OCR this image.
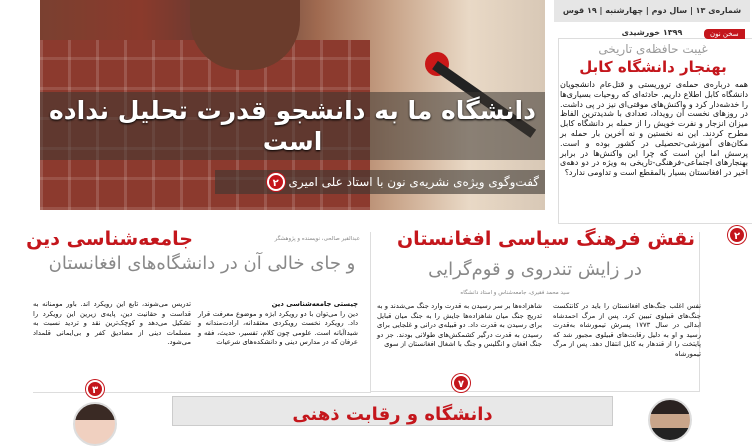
دانشگاه ما به دانشجو قدرت تحلیل نداده است
گفت‌وگوی ویژه‌ی نشریه‌ی نون با استاد علی امیری ۲
شماره‌ی ۱۳ | سال دوم | چهارشنبه | ۱۹ قوس ۱۳۹۹ خورشیدی	سخن نون
غیبت حافظه‌ی تاریخی
بهنجار دانشگاه کابل
همه درباره‌ی حمله‌ی تروریستی و قتل‌عام دانشجویان دانشگاه کابل اطلاع داریم. حادثه‌ای که روحیات بسیاری‌ها را خدشه‌دار کرد و واکنش‌های موقتی‌ای نیز در پی داشت. در روزهای نخست آن رویداد، تعدادی با شدیدترین الفاظ میزان انزجار و نفرت خویش را از حمله بر دانشگاه کابل مطرح کردند. این نه نخستین و نه آخرین بار حمله بر مکان‌های آموزشی-تحصیلی در کشور بوده و است. پرسش اما این است که چرا این واکنش‌ها در برابر بهنجارهای اجتماعی-فرهنگی-تاریخی به ویژه در دو دهه‌ی اخیر در افغانستان بسیار بالمقطع است و تداومی ندارد؟
۲
نقش فرهنگ سیاسی افغانستان
در زایش تندروی و قوم‌گرایی
سید محمد فقیری، جامعه‌شناس و استاد دانشگاه
نفس اغلب جنگ‌های افغانستان را باید در کانتکست جنگ‌های قبیلوی تبیین کرد. پس از مرگ احمدشاه ابدالی در سال ۱۷۷۳ پسرش تیمورشاه به‌قدرت رسید و او به دلیل رقابت‌های قبیلوی مجبور شد که پایتخت را از قندهار به کابل انتقال دهد. پس از مرگ تیمورشاه
شاهزاده‌ها بر سر رسیدن به قدرت وارد جنگ می‌شدند و به تدریج جنگ میان شاهزاده‌ها جایش را به جنگ میان قبایل برای رسیدن به قدرت داد. دو قبیله‌ی درانی و غلجایی برای رسیدن به قدرت درگیر کشمکش‌های طولانی بودند. جز دو جنگ افغان و انگلیس و جنگ با اشغال افغانستان از سوی
۷
جامعه‌شناسی دین	عبدالقیر صالحی، نویسنده و پژوهشگر
و جای خالی آن در دانشگاه‌های افغانستان
چیستی جامعه‌شناسی دین
دین را می‌توان با دو رویکرد ابژه و موضوع معرفت قرار داد. رویکرد نخست رویکردی معتقدانه، ارادت‌مندانه و شیداآبانه است. علومی چون کلام، تفسیر، حدیث، فقه و عرفان که در مدارس دینی و دانشکده‌های شرعیات
تدریس می‌شوند، تابع این رویکرد اند. باور مومنانه به قداست و حقانیت دین، پایه‌ی زیرین این رویکرد را تشکیل می‌دهد و کوچک‌ترین نقد و تردید نسبت به مسلمات دینی از مصادیق کفر و بی‌ایمانی قلمداد می‌شود.
۳
دانشگاه و رقابت ذهنی
